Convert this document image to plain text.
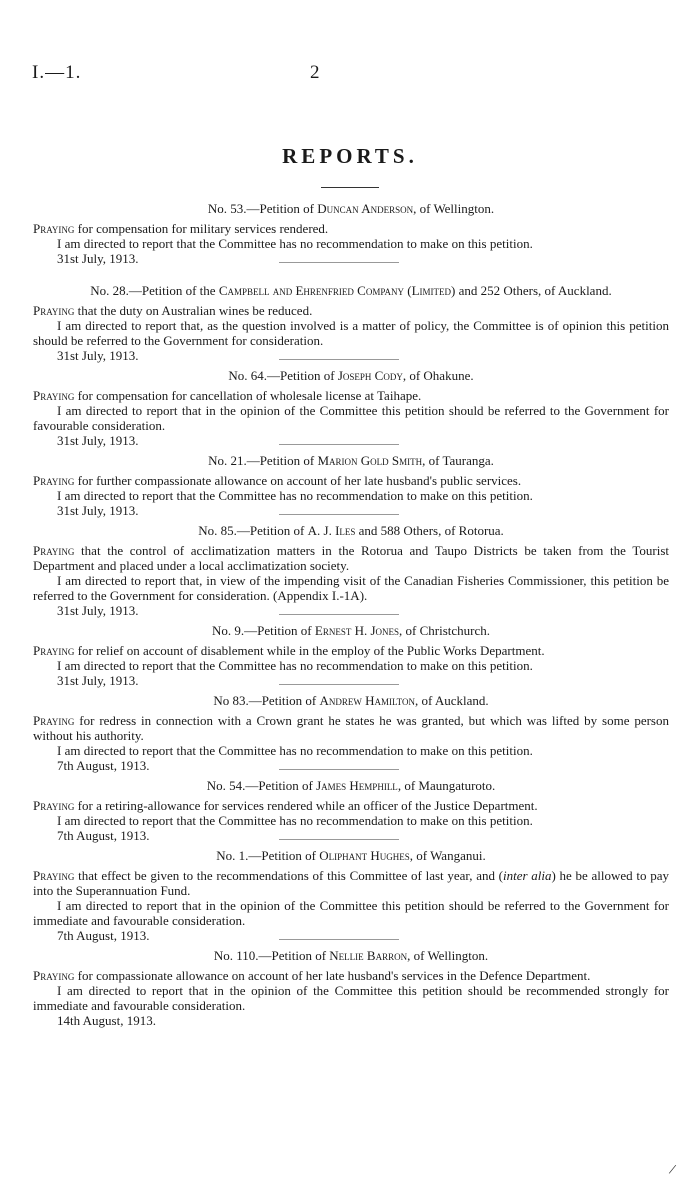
I.—1.	2
REPORTS.
No. 53.—Petition of Duncan Anderson, of Wellington.

Praying for compensation for military services rendered.

I am directed to report that the Committee has no recommendation to make on this petition.

31st July, 1913.
No. 28.—Petition of the Campbell and Ehrenfried Company (Limited) and 252 Others, of Auckland.

Praying that the duty on Australian wines be reduced.

I am directed to report that, as the question involved is a matter of policy, the Committee is of opinion this petition should be referred to the Government for consideration.

31st July, 1913.
No. 64.—Petition of Joseph Cody, of Ohakune.

Praying for compensation for cancellation of wholesale license at Taihape.

I am directed to report that in the opinion of the Committee this petition should be referred to the Government for favourable consideration.

31st July, 1913.
No. 21.—Petition of Marion Gold Smith, of Tauranga.

Praying for further compassionate allowance on account of her late husband's public services.

I am directed to report that the Committee has no recommendation to make on this petition.

31st July, 1913.
No. 85.—Petition of A. J. Iles and 588 Others, of Rotorua.

Praying that the control of acclimatization matters in the Rotorua and Taupo Districts be taken from the Tourist Department and placed under a local acclimatization society.

I am directed to report that, in view of the impending visit of the Canadian Fisheries Commissioner, this petition be referred to the Government for consideration. (Appendix I.-1A).

31st July, 1913.
No. 9.—Petition of Ernest H. Jones, of Christchurch.

Praying for relief on account of disablement while in the employ of the Public Works Department.

I am directed to report that the Committee has no recommendation to make on this petition.

31st July, 1913.
No 83.—Petition of Andrew Hamilton, of Auckland.

Praying for redress in connection with a Crown grant he states he was granted, but which was lifted by some person without his authority.

I am directed to report that the Committee has no recommendation to make on this petition.

7th August, 1913.
No. 54.—Petition of James Hemphill, of Maungaturoto.

Praying for a retiring-allowance for services rendered while an officer of the Justice Department.

I am directed to report that the Committee has no recommendation to make on this petition.

7th August, 1913.
No. 1.—Petition of Oliphant Hughes, of Wanganui.

Praying that effect be given to the recommendations of this Committee of last year, and (inter alia) he be allowed to pay into the Superannuation Fund.

I am directed to report that in the opinion of the Committee this petition should be referred to the Government for immediate and favourable consideration.

7th August, 1913.
No. 110.—Petition of Nellie Barron, of Wellington.

Praying for compassionate allowance on account of her late husband's services in the Defence Department.

I am directed to report that in the opinion of the Committee this petition should be recommended strongly for immediate and favourable consideration.

14th August, 1913.
/
